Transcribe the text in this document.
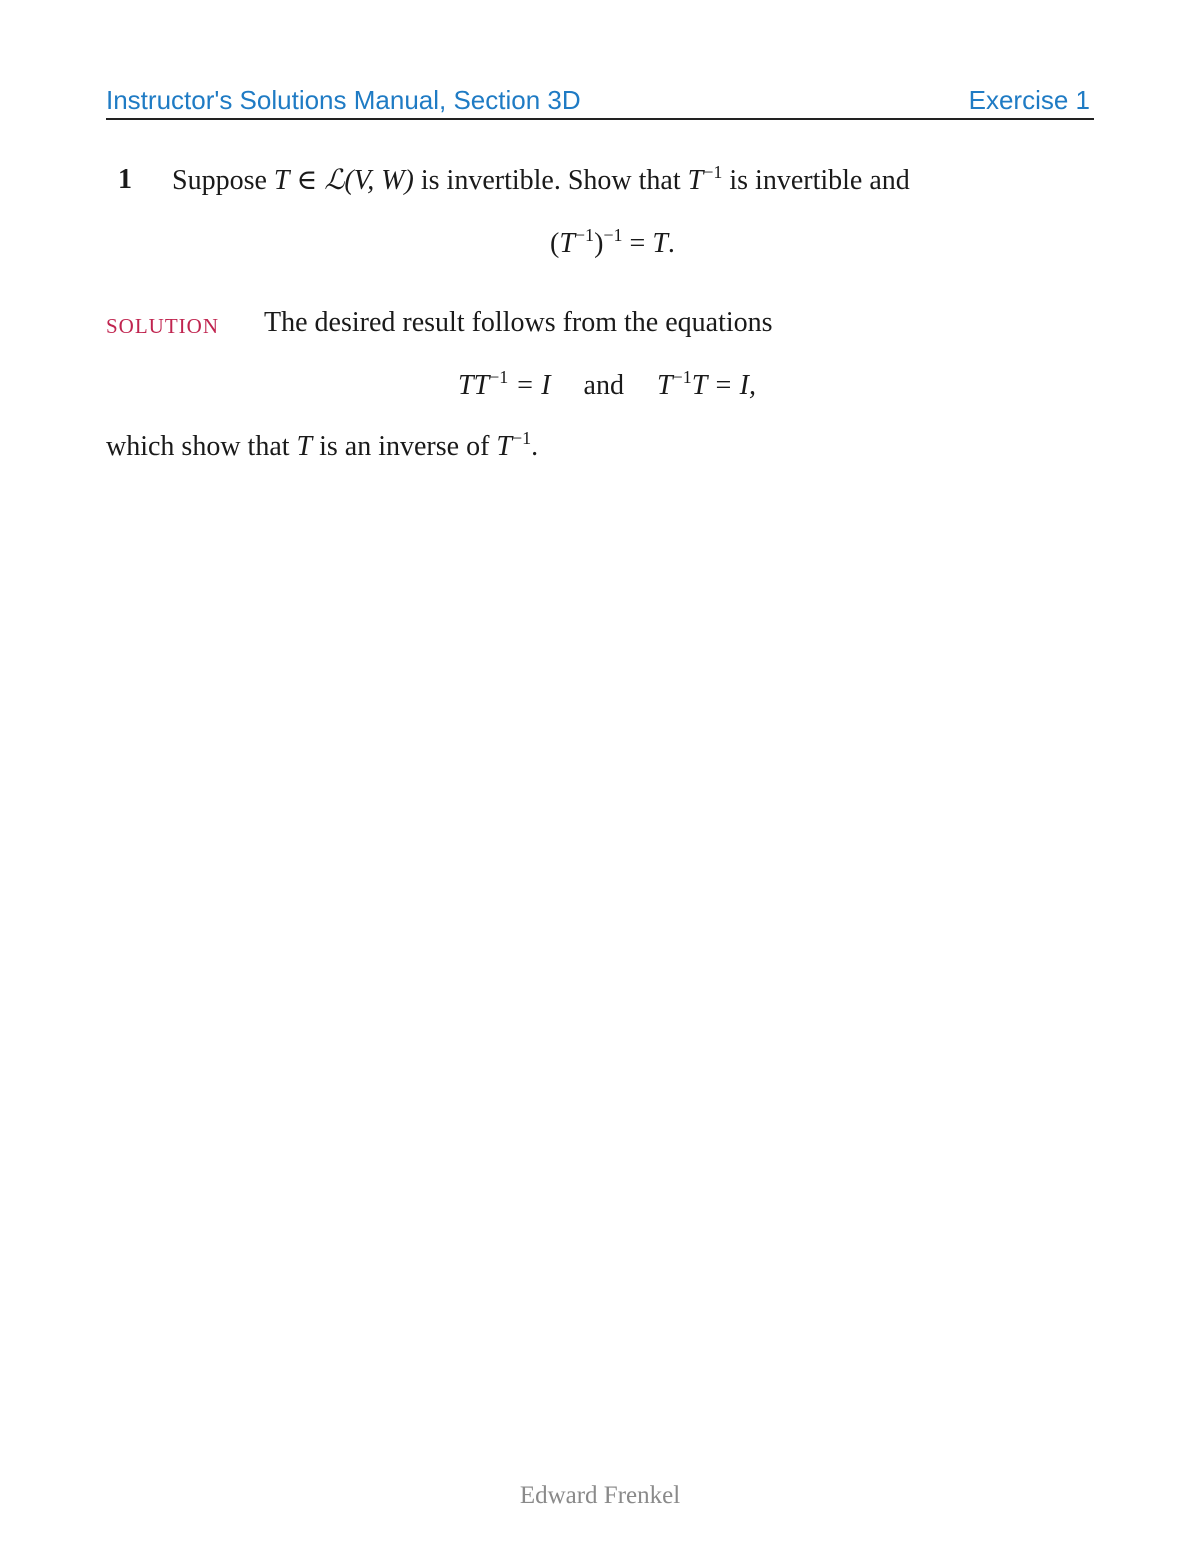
Instructor's Solutions Manual, Section 3D	Exercise 1
1 Suppose T ∈ ℒ(V, W) is invertible. Show that $T^{-1}$ is invertible and
$(T^{-1})^{-1} = T$.
SOLUTION The desired result follows from the equations
$TT^{-1} = I$ and $T^{-1}T = I$,
which show that T is an inverse of $T^{-1}$.
Edward Frenkel
